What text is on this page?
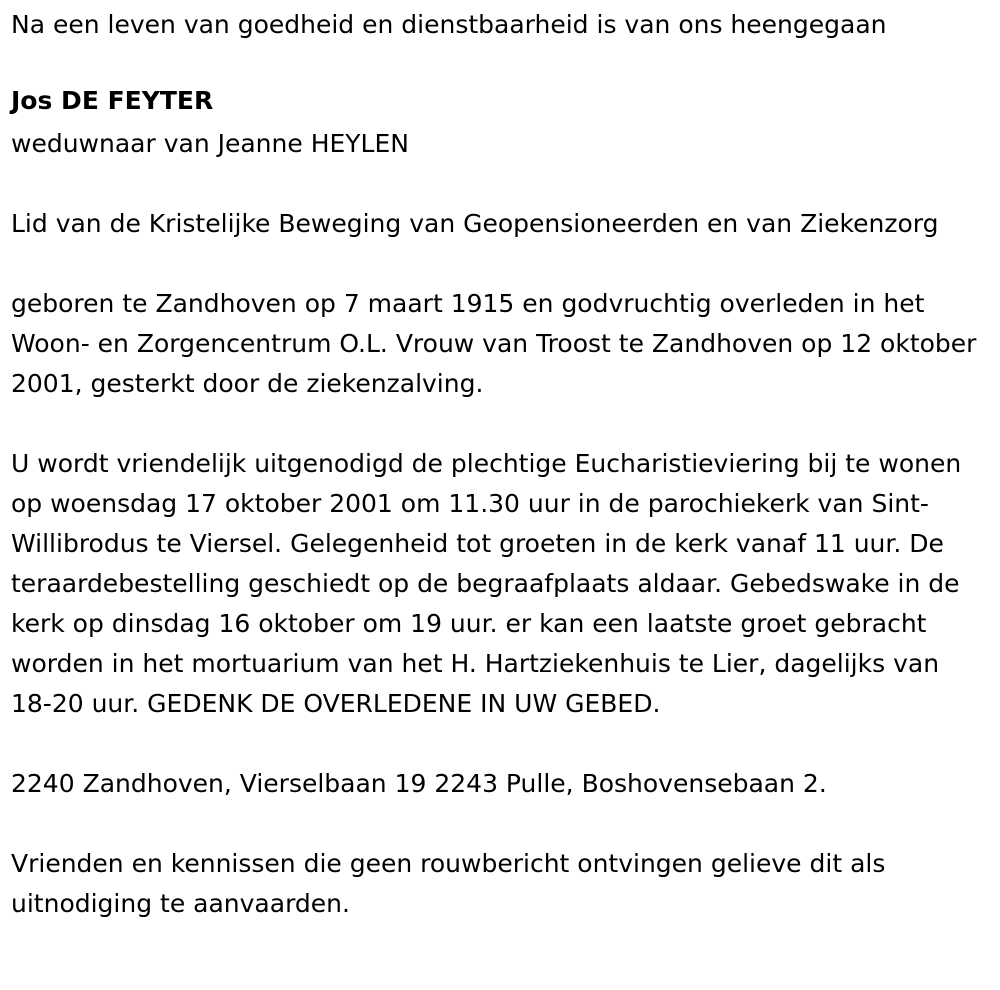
Na een leven van goedheid en dienstbaarheid is van ons heengegaan

Jos DE FEYTER

weduwnaar van Jeanne HEYLEN

Lid van de Kristelijke Beweging van Geopensioneerden en van Ziekenzorg

geboren te Zandhoven op 7 maart 1915 en godvruchtig overleden in het Woon- en Zorgencentrum O.L. Vrouw van Troost te Zandhoven op 12 oktober 2001, gesterkt door de ziekenzalving.

U wordt vriendelijk uitgenodigd de plechtige Eucharistieviering bij te wonen op woensdag 17 oktober 2001 om 11.30 uur in de parochiekerk van Sint-Willibrodus te Viersel. Gelegenheid tot groeten in de kerk vanaf 11 uur. De teraardebestelling geschiedt op de begraafplaats aldaar. Gebedswake in de kerk op dinsdag 16 oktober om 19 uur. er kan een laatste groet gebracht worden in het mortuarium van het H. Hartziekenhuis te Lier, dagelijks van 18-20 uur. GEDENK DE OVERLEDENE IN UW GEBED.

2240 Zandhoven, Vierselbaan 19 2243 Pulle, Boshovensebaan 2.

Vrienden en kennissen die geen rouwbericht ontvingen gelieve dit als uitnodiging te aanvaarden.
